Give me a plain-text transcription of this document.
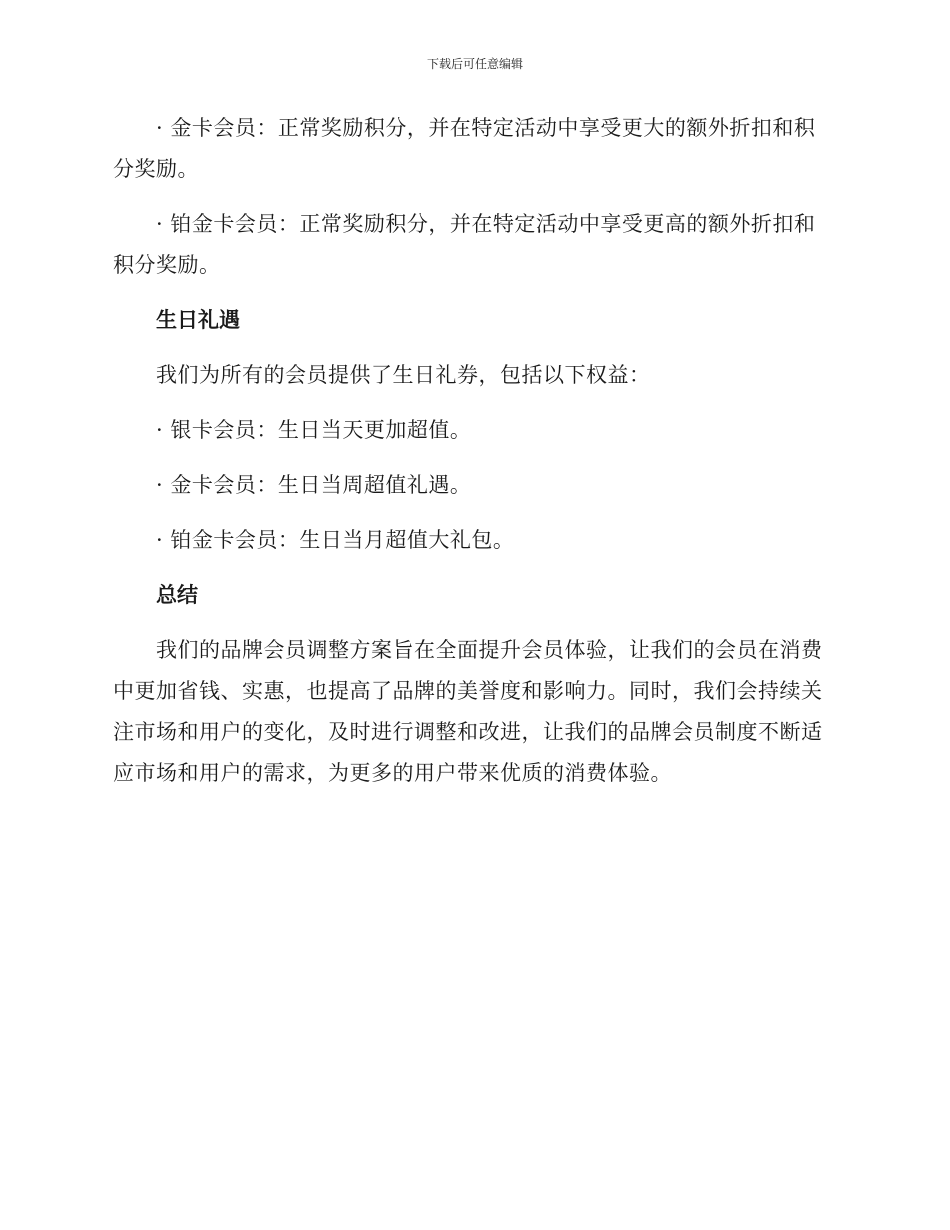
下载后可任意编辑

· 金卡会员：正常奖励积分，并在特定活动中享受更大的额外折扣和积分奖励。

· 铂金卡会员：正常奖励积分，并在特定活动中享受更高的额外折扣和积分奖励。

生日礼遇

我们为所有的会员提供了生日礼券，包括以下权益：

· 银卡会员：生日当天更加超值。

· 金卡会员：生日当周超值礼遇。

· 铂金卡会员：生日当月超值大礼包。

总结

我们的品牌会员调整方案旨在全面提升会员体验，让我们的会员在消费中更加省钱、实惠，也提高了品牌的美誉度和影响力。同时，我们会持续关注市场和用户的变化，及时进行调整和改进，让我们的品牌会员制度不断适应市场和用户的需求，为更多的用户带来优质的消费体验。
